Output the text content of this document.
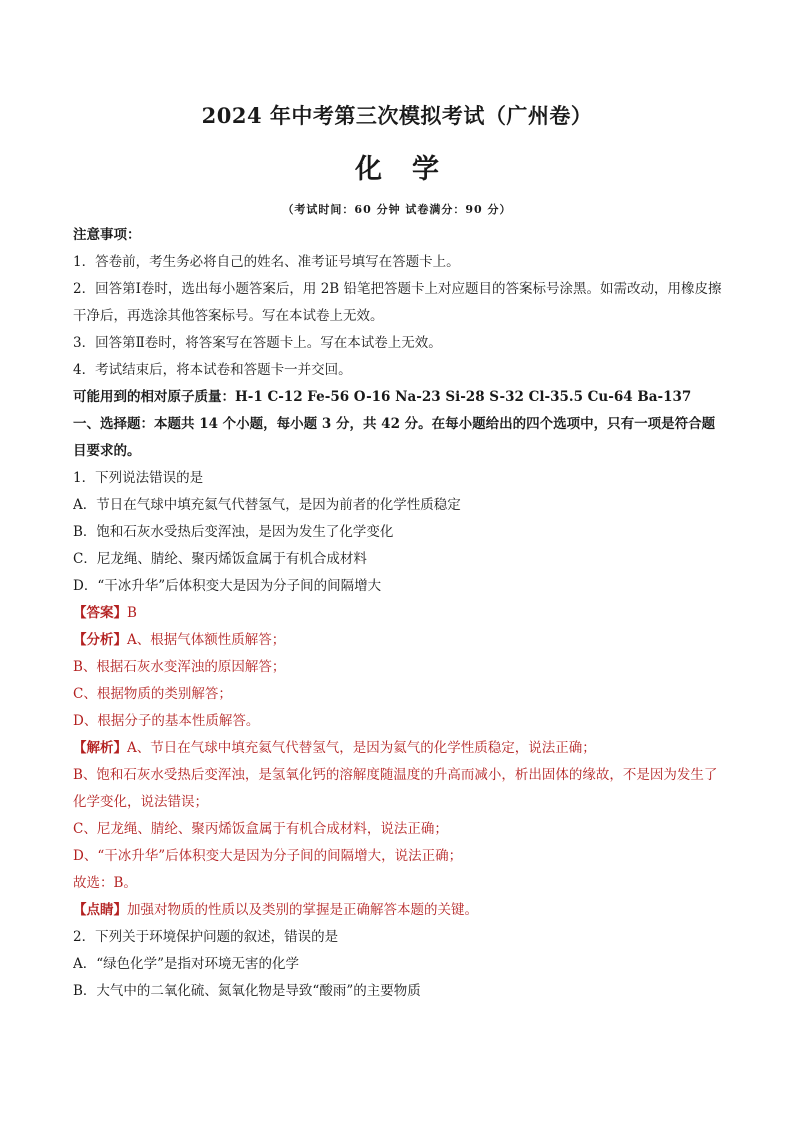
2024 年中考第三次模拟考试（广州卷）
化学
（考试时间：60 分钟 试卷满分：90 分）
注意事项：
1．答卷前，考生务必将自己的姓名、准考证号填写在答题卡上。
2．回答第Ⅰ卷时，选出每小题答案后，用 2B 铅笔把答题卡上对应题目的答案标号涂黑。如需改动，用橡皮擦干净后，再选涂其他答案标号。写在本试卷上无效。
3．回答第Ⅱ卷时，将答案写在答题卡上。写在本试卷上无效。
4．考试结束后，将本试卷和答题卡一并交回。
可能用到的相对原子质量：H-1 C-12 Fe-56 O-16 Na-23 Si-28 S-32 Cl-35.5 Cu-64 Ba-137
一、选择题：本题共 14 个小题，每小题 3 分，共 42 分。在每小题给出的四个选项中，只有一项是符合题目要求的。
1．下列说法错误的是
A．节日在气球中填充氦气代替氢气，是因为前者的化学性质稳定
B．饱和石灰水受热后变浑浊，是因为发生了化学变化
C．尼龙绳、腈纶、聚丙烯饭盒属于有机合成材料
D．“干冰升华”后体积变大是因为分子间的间隔增大
【答案】B
【分析】A、根据气体额性质解答；
B、根据石灰水变浑浊的原因解答；
C、根据物质的类别解答；
D、根据分子的基本性质解答。
【解析】A、节日在气球中填充氦气代替氢气，是因为氦气的化学性质稳定，说法正确；
B、饱和石灰水受热后变浑浊，是氢氧化钙的溶解度随温度的升高而减小，析出固体的缘故，不是因为发生了化学变化，说法错误；
C、尼龙绳、腈纶、聚丙烯饭盒属于有机合成材料，说法正确；
D、“干冰升华”后体积变大是因为分子间的间隔增大，说法正确；
故选：B。
【点睛】加强对物质的性质以及类别的掌握是正确解答本题的关键。
2．下列关于环境保护问题的叙述，错误的是
A．“绿色化学”是指对环境无害的化学
B．大气中的二氧化硫、氮氧化物是导致“酸雨”的主要物质
